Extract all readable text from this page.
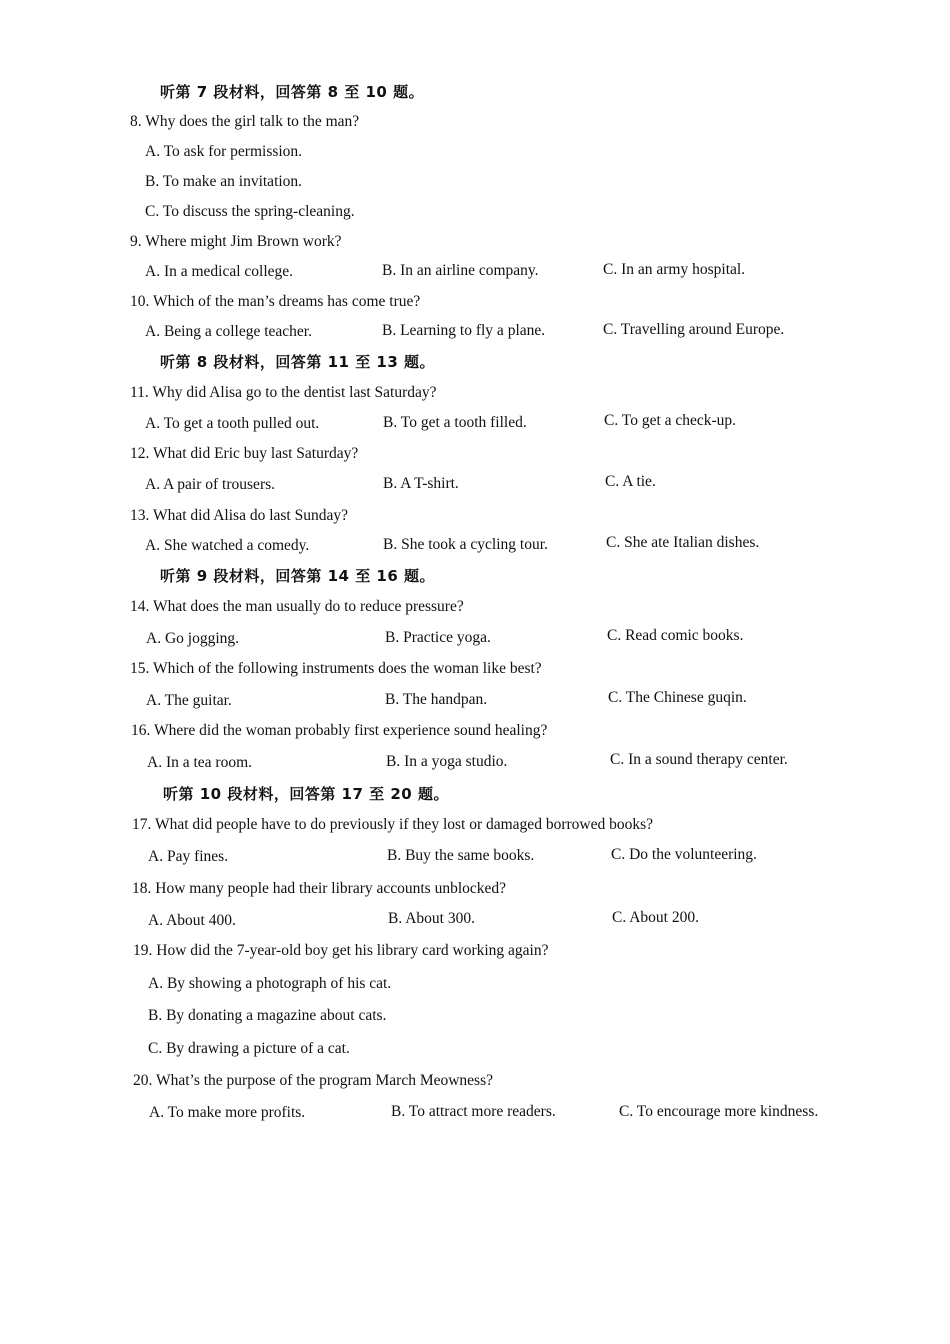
听第 7 段材料，回答第 8 至 10 题。
8. Why does the girl talk to the man?
A. To ask for permission.
B. To make an invitation.
C. To discuss the spring-cleaning.
9. Where might Jim Brown work?
A. In a medical college.	B. In an airline company.	C. In an army hospital.
10. Which of the man’s dreams has come true?
A. Being a college teacher.	B. Learning to fly a plane.	C. Travelling around Europe.
听第 8 段材料，回答第 11 至 13 题。
11. Why did Alisa go to the dentist last Saturday?
A. To get a tooth pulled out.	B. To get a tooth filled.	C. To get a check-up.
12. What did Eric buy last Saturday?
A. A pair of trousers.	B. A T-shirt.	C. A tie.
13. What did Alisa do last Sunday?
A. She watched a comedy.	B. She took a cycling tour.	C. She ate Italian dishes.
听第 9 段材料，回答第 14 至 16 题。
14. What does the man usually do to reduce pressure?
A. Go jogging.	B. Practice yoga.	C. Read comic books.
15. Which of the following instruments does the woman like best?
A. The guitar.	B. The handpan.	C. The Chinese guqin.
16. Where did the woman probably first experience sound healing?
A. In a tea room.	B. In a yoga studio.	C. In a sound therapy center.
听第 10 段材料，回答第 17 至 20 题。
17. What did people have to do previously if they lost or damaged borrowed books?
A. Pay fines.	B. Buy the same books.	C. Do the volunteering.
18. How many people had their library accounts unblocked?
A. About 400.	B. About 300.	C. About 200.
19. How did the 7-year-old boy get his library card working again?
A. By showing a photograph of his cat.
B. By donating a magazine about cats.
C. By drawing a picture of a cat.
20. What’s the purpose of the program March Meowness?
A. To make more profits.	B. To attract more readers.	C. To encourage more kindness.
